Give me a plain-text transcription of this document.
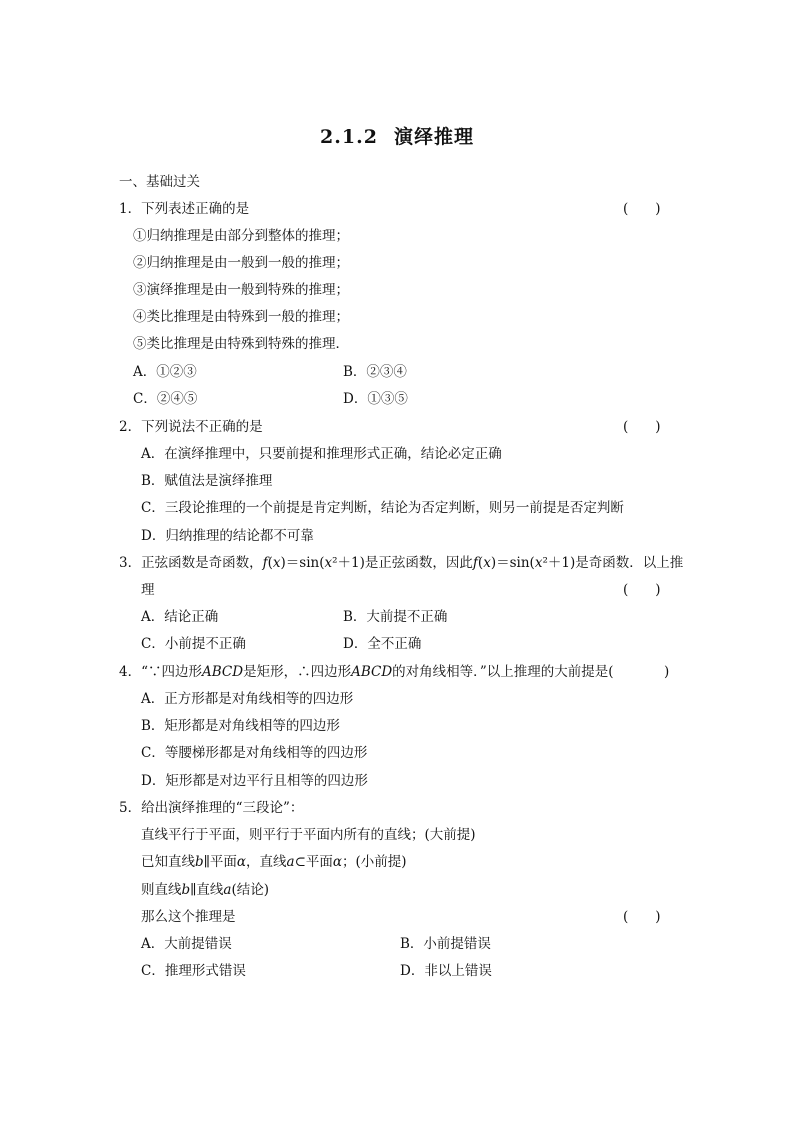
2.1.2 演绎推理
一、基础过关
1．下列表述正确的是	(　　)
①归纳推理是由部分到整体的推理；
②归纳推理是由一般到一般的推理；
③演绎推理是由一般到特殊的推理；
④类比推理是由特殊到一般的推理；
⑤类比推理是由特殊到特殊的推理．
A．①②③	B．②③④
C．②④⑤	D．①③⑤
2．下列说法不正确的是	(　　)
A．在演绎推理中，只要前提和推理形式正确，结论必定正确
B．赋值法是演绎推理
C．三段论推理的一个前提是肯定判断，结论为否定判断，则另一前提是否定判断
D．归纳推理的结论都不可靠
3．正弦函数是奇函数，f(x)＝sin(x²＋1)是正弦函数，因此f(x)＝sin(x²＋1)是奇函数．以上推
理	(　　)
A．结论正确	B．大前提不正确
C．小前提不正确	D．全不正确
4．“∵四边形ABCD是矩形，∴四边形ABCD的对角线相等．”以上推理的大前提是(
　　	)
A．正方形都是对角线相等的四边形
B．矩形都是对角线相等的四边形
C．等腰梯形都是对角线相等的四边形
D．矩形都是对边平行且相等的四边形
5．给出演绎推理的“三段论”：
直线平行于平面，则平行于平面内所有的直线；(大前提)
已知直线b∥平面α，直线a⊂平面α；(小前提)
则直线b∥直线a(结论)
那么这个推理是	(　　)
A．大前提错误	B．小前提错误
C．推理形式错误	D．非以上错误
